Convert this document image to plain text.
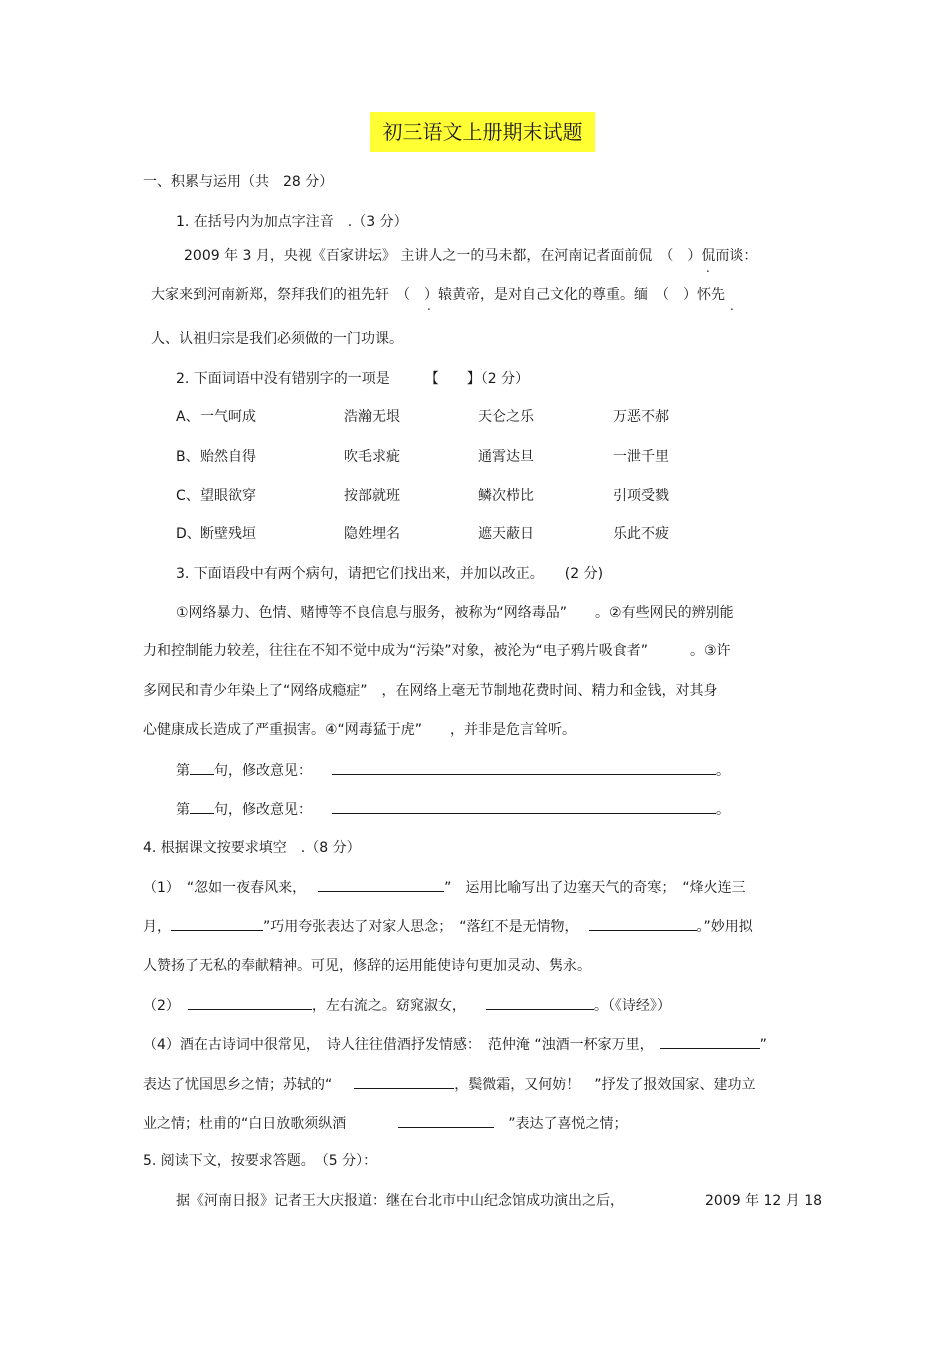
初三语文上册期末试题
一、积累与运用（共　28 分）
1. 在括号内为加点字注音　.（3 分）
2009 年 3 月，央视《百家讲坛》 主讲人之一的马未都，在河南记者面前侃　（　）侃而谈：
.
大家来到河南新郑，祭拜我们的祖先轩　（　）辕黄帝，是对自己文化的尊重。缅　（　）怀先
.	.
人、认祖归宗是我们必须做的一门功课。
2. 下面词语中没有错别字的一项是　　　【　　】（2 分）
A、 一气呵成	浩瀚无垠	天仑之乐	万恶不郝
B、 贻然自得	吹毛求疵	通霄达旦	一泄千里
C、 望眼欲穿	按部就班	鳞次栉比	引项受戮
D、 断壁残垣	隐姓埋名	遮天蔽日	乐此不疲
3. 下面语段中有两个病句，请把它们找出来，并加以改正。　　(2 分)
①网络暴力、色情、赌博等不良信息与服务，被称为“网络毒品”　　。②有些网民的辨别能
力和控制能力较差，往往在不知不觉中成为“污染”对象，被沦为“电子鸦片吸食者”　　　。③许
多网民和青少年染上了“网络成瘾症”　，在网络上毫无节制地花费时间、精力和金钱，对其身
心健康成长造成了严重损害。④“网毒猛于虎”　　，并非是危言耸听。
第 句，修改意见：	。
第 句，修改意见：	。
4. 根据课文按要求填空　.（8 分）
（1）　“忽如一夜春风来，	”　运用比喻写出了边塞天气的奇寒；　“烽火连三
月，	”巧用夸张表达了对家人思念；　“落红不是无情物，	。”妙用拟
人赞扬了无私的奉献精神。可见，修辞的运用能使诗句更加灵动、隽永。
（2）	，左右流之。窈窕淑女，	。（《诗经》）
（4）酒在古诗词中很常见，　诗人往往借酒抒发情感：　范仲淹 “浊酒一杯家万里，	”
表达了忧国思乡之情；苏轼的“	，鬓微霜，又何妨！　”抒发了报效国家、建功立
业之情；杜甫的“白日放歌须纵酒	”表达了喜悦之情；
5. 阅读下文，按要求答题。　（5 分）：
据《河南日报》记者王大庆报道：继在台北市中山纪念馆成功演出之后，	2009 年 12 月 18
